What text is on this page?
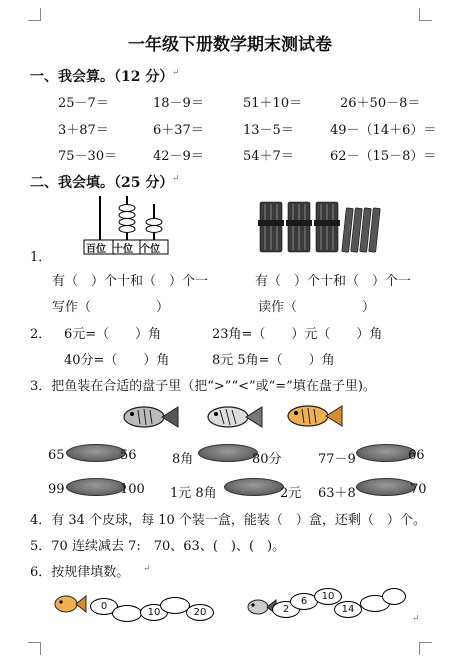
一年级下册数学期末测试卷
一、我会算。（12 分）
↵
25－7＝	18－9＝	51＋10＝	26＋50－8＝
3＋87＝	6＋37＝	13－5＝	49－（14＋6）＝
75－30＝	42－9＝	54＋7＝	62－（15－8）＝
二、我会填。（25 分）
↵
百位 十位 个位
1．
有（　）个十和（　）个一	有（　）个十和（　）个一
写作（　　　　　）	读作（　　　　　）
2． 6元=（　　）角	23角=（　　）元（　　）角
40分=（　　）角	8元 5角=（　　）角
3．把鱼装在合适的盘子里（把“>”“<”或“=”填在盘子里)。
65	56	8角	80分	77－9	66
99	100 1元 8角	2元 63＋8	70
4．有 34 个皮球，每 10 个装一盒，能装（　）盒，还剩（　）个。
5．70 连续减去 7:　70、63、(　)、(　)。
6．按规律填数。 ↵
0
10	20	2
6	10
14
↵
